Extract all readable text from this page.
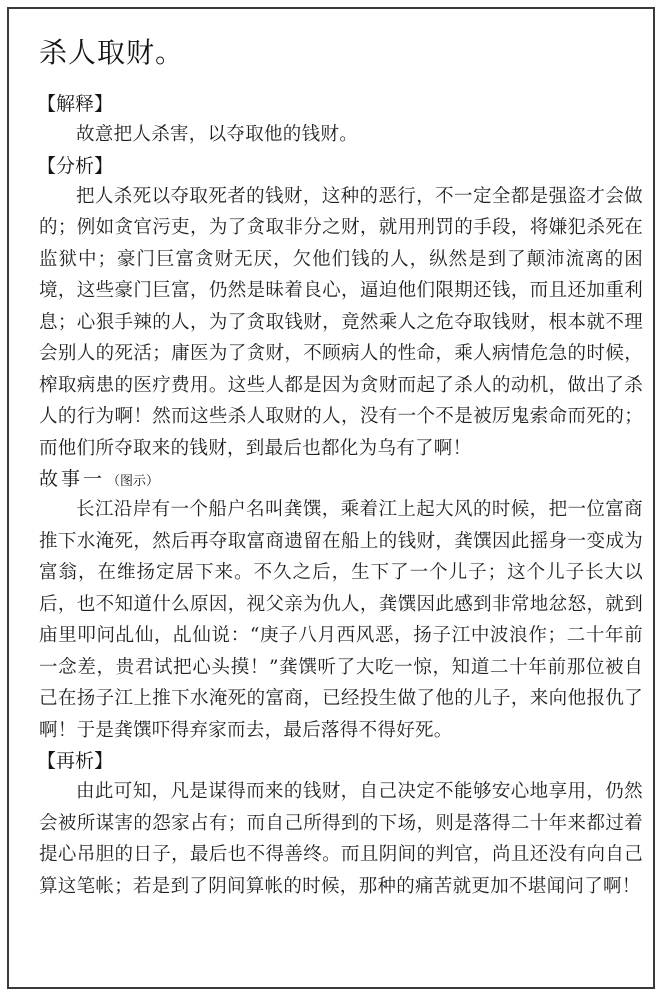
杀人取财。
【解释】

故意把人杀害，以夺取他的钱财。

【分析】

把人杀死以夺取死者的钱财，这种的恶行，不一定全都是强盗才会做的；例如贪官污吏，为了贪取非分之财，就用刑罚的手段，将嫌犯杀死在监狱中；豪门巨富贪财无厌，欠他们钱的人，纵然是到了颠沛流离的困境，这些豪门巨富，仍然是昧着良心，逼迫他们限期还钱，而且还加重利息；心狠手辣的人，为了贪取钱财，竟然乘人之危夺取钱财，根本就不理会别人的死活；庸医为了贪财，不顾病人的性命，乘人病情危急的时候，榨取病患的医疗费用。这些人都是因为贪财而起了杀人的动机，做出了杀人的行为啊！然而这些杀人取财的人，没有一个不是被厉鬼索命而死的；而他们所夺取来的钱财，到最后也都化为乌有了啊！

故事一 （图示）

长江沿岸有一个船户名叫龚馔，乘着江上起大风的时候，把一位富商推下水淹死，然后再夺取富商遗留在船上的钱财，龚馔因此摇身一变成为富翁，在维扬定居下来。不久之后，生下了一个儿子；这个儿子长大以后，也不知道什么原因，视父亲为仇人，龚馔因此感到非常地忿怒，就到庙里叩问乩仙，乩仙说：“庚子八月西风恶，扬子江中波浪作；二十年前一念差，贵君试把心头摸！”龚馔听了大吃一惊，知道二十年前那位被自己在扬子江上推下水淹死的富商，已经投生做了他的儿子，来向他报仇了啊！于是龚馔吓得弃家而去，最后落得不得好死。

【再析】

由此可知，凡是谋得而来的钱财，自己决定不能够安心地享用，仍然会被所谋害的怨家占有；而自己所得到的下场，则是落得二十年来都过着提心吊胆的日子，最后也不得善终。而且阴间的判官，尚且还没有向自己算这笔帐；若是到了阴间算帐的时候，那种的痛苦就更加不堪闻问了啊！
